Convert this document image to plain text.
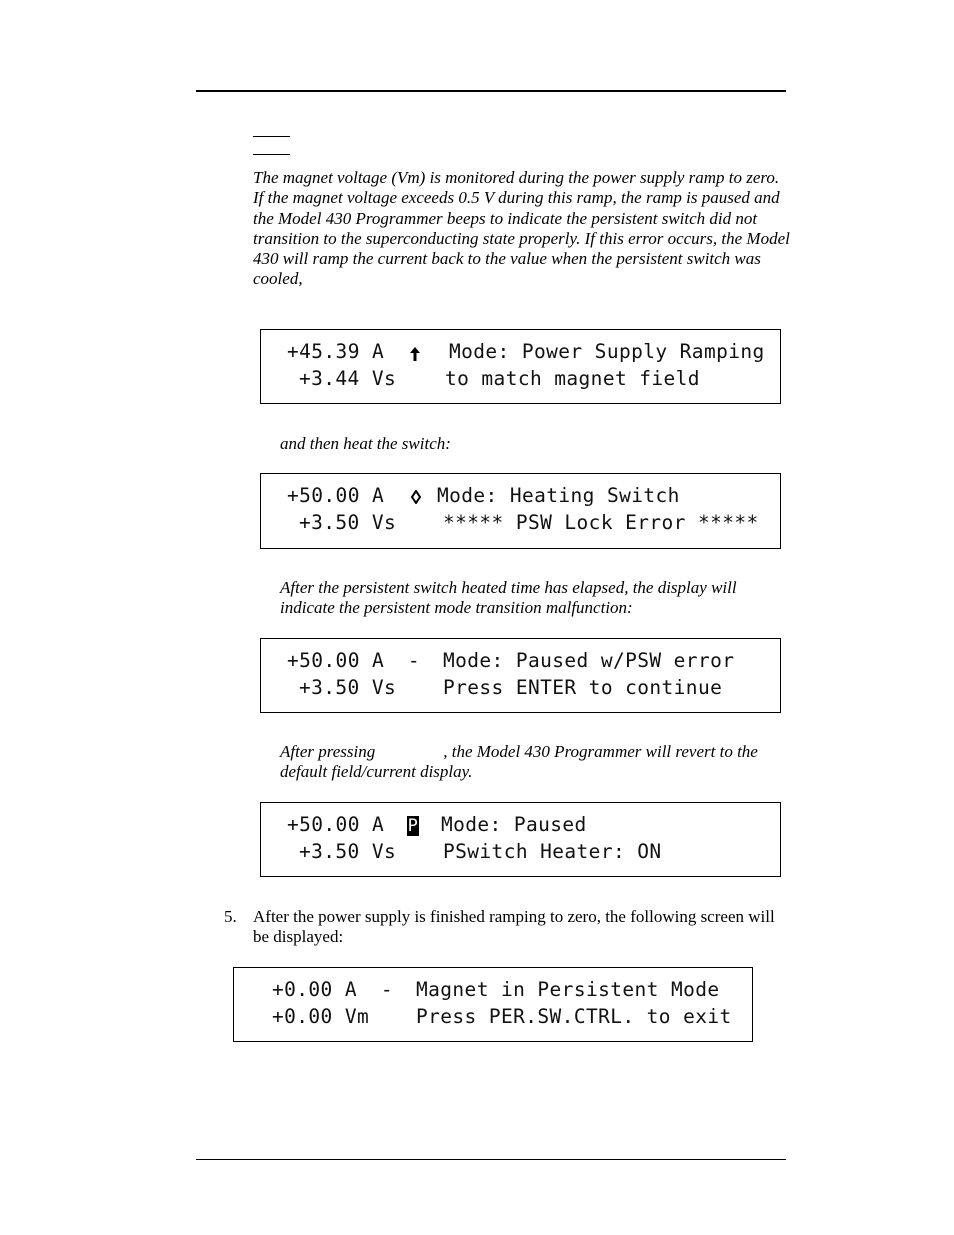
The magnet voltage (Vm) is monitored during the power supply ramp to zero. If the magnet voltage exceeds 0.5 V during this ramp, the ramp is paused and the Model 430 Programmer beeps to indicate the persistent switch did not transition to the superconducting state properly. If this error occurs, the Model 430 will ramp the current back to the value when the persistent switch was cooled,
+45.39 A	Mode: Power Supply Ramping
+3.44 Vs	to match magnet field
and then heat the switch:
+50.00 A	Mode: Heating Switch
+3.50 Vs ***** PSW Lock Error *****
After the persistent switch heated time has elapsed, the display will indicate the persistent mode transition malfunction:
+50.00 A - Mode: Paused w/PSW error
+3.50 Vs Press ENTER to continue
After pressing	, the Model 430 Programmer will revert to the default field/current display.
+50.00 A P Mode: Paused
+3.50 Vs PSwitch Heater: ON
5. After the power supply is finished ramping to zero, the following screen will be displayed:
+0.00 A - Magnet in Persistent Mode
+0.00 Vm Press PER.SW.CTRL. to exit
